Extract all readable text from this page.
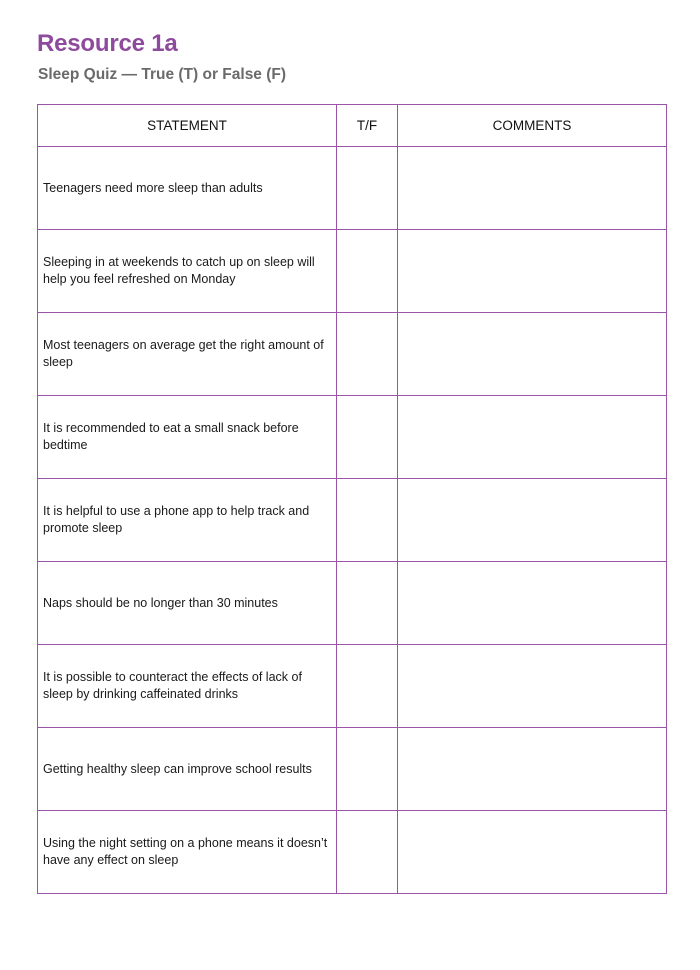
Resource 1a
Sleep Quiz — True (T) or False (F)
STATEMENT	T/F	COMMENTS
Teenagers need more sleep than adults		
Sleeping in at weekends to catch up on sleep will help you feel refreshed on Monday		
Most teenagers on average get the right amount of sleep		
It is recommended to eat a small snack before bedtime		
It is helpful to use a phone app to help track and promote sleep		
Naps should be no longer than 30 minutes		
It is possible to counteract the effects of lack of sleep by drinking caffeinated drinks		
Getting healthy sleep can improve school results		
Using the night setting on a phone means it doesn’t have any effect on sleep		
